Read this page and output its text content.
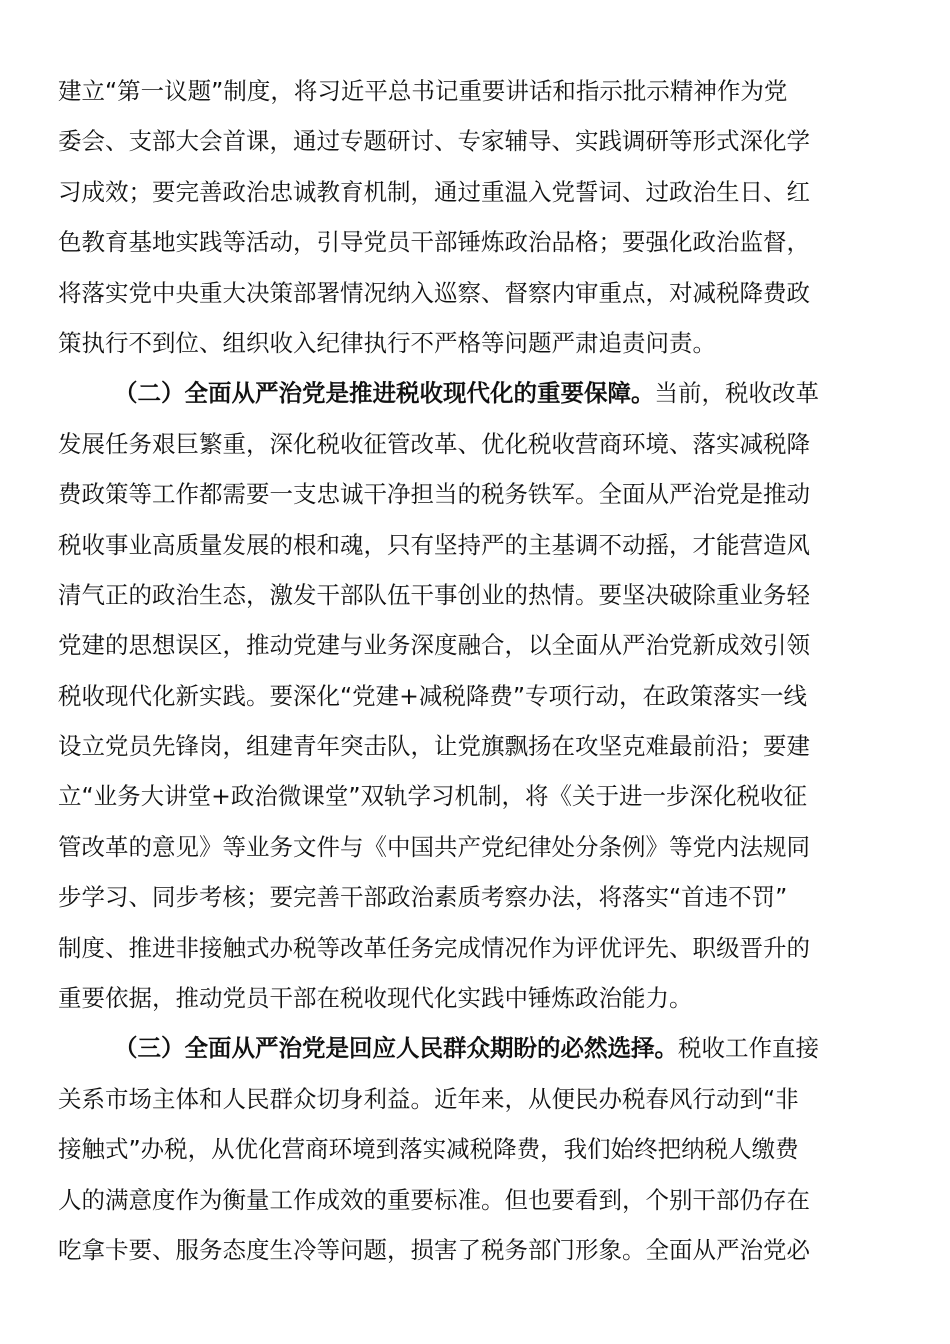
建立“第一议题”制度，将习近平总书记重要讲话和指示批示精神作为党
委会、支部大会首课，通过专题研讨、专家辅导、实践调研等形式深化学
习成效；要完善政治忠诚教育机制，通过重温入党誓词、过政治生日、红
色教育基地实践等活动，引导党员干部锤炼政治品格；要强化政治监督，
将落实党中央重大决策部署情况纳入巡察、督察内审重点，对减税降费政
策执行不到位、组织收入纪律执行不严格等问题严肃追责问责。
（二）全面从严治党是推进税收现代化的重要保障。当前，税收改革
发展任务艰巨繁重，深化税收征管改革、优化税收营商环境、落实减税降
费政策等工作都需要一支忠诚干净担当的税务铁军。全面从严治党是推动
税收事业高质量发展的根和魂，只有坚持严的主基调不动摇，才能营造风
清气正的政治生态，激发干部队伍干事创业的热情。要坚决破除重业务轻
党建的思想误区，推动党建与业务深度融合，以全面从严治党新成效引领
税收现代化新实践。要深化“党建+减税降费”专项行动，在政策落实一线
设立党员先锋岗，组建青年突击队，让党旗飘扬在攻坚克难最前沿；要建
立“业务大讲堂+政治微课堂”双轨学习机制，将《关于进一步深化税收征
管改革的意见》等业务文件与《中国共产党纪律处分条例》等党内法规同
步学习、同步考核；要完善干部政治素质考察办法，将落实“首违不罚”
制度、推进非接触式办税等改革任务完成情况作为评优评先、职级晋升的
重要依据，推动党员干部在税收现代化实践中锤炼政治能力。
（三）全面从严治党是回应人民群众期盼的必然选择。税收工作直接
关系市场主体和人民群众切身利益。近年来，从便民办税春风行动到“非
接触式”办税，从优化营商环境到落实减税降费，我们始终把纳税人缴费
人的满意度作为衡量工作成效的重要标准。但也要看到，个别干部仍存在
吃拿卡要、服务态度生冷等问题，损害了税务部门形象。全面从严治党必
